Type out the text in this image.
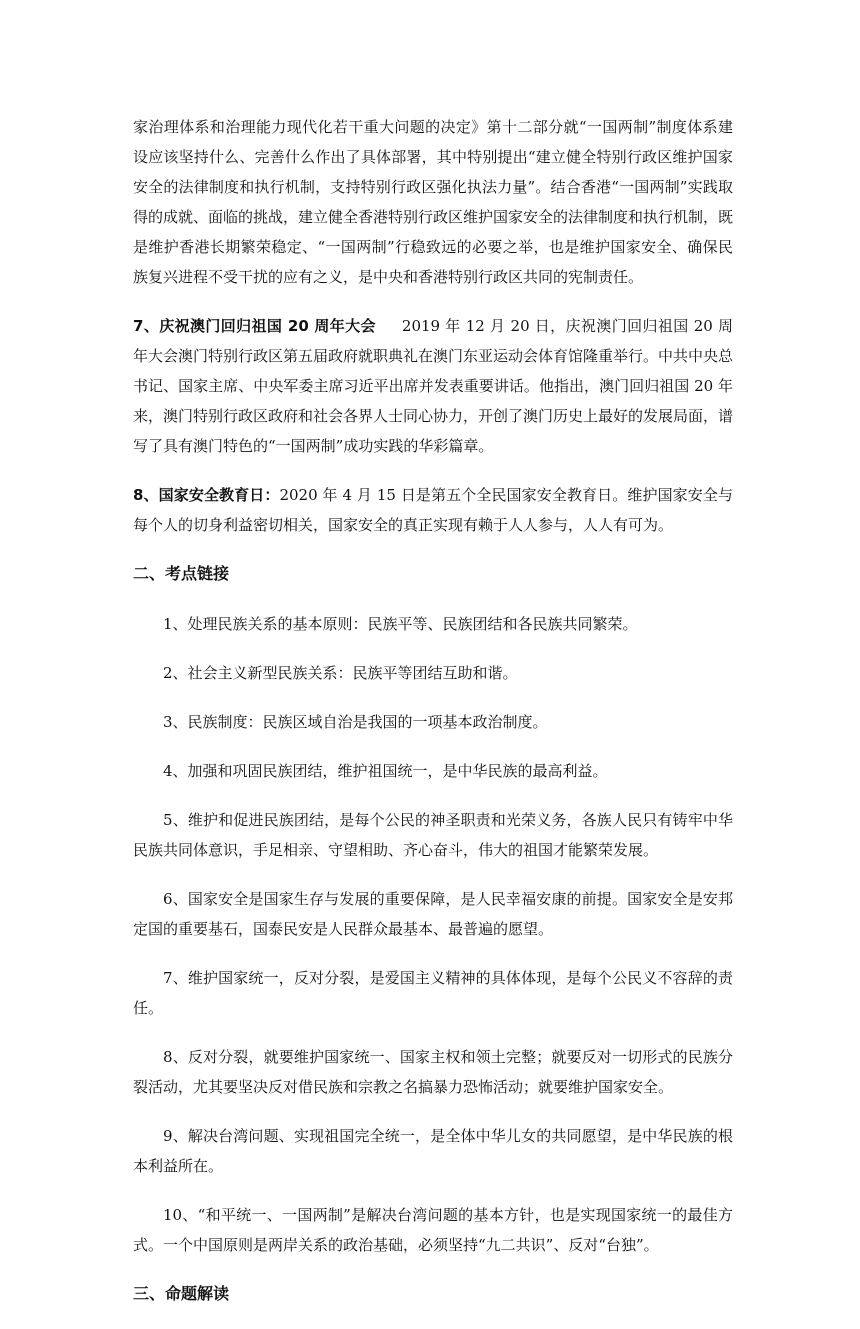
家治理体系和治理能力现代化若干重大问题的决定》第十二部分就“一国两制”制度体系建设应该坚持什么、完善什么作出了具体部署，其中特别提出“建立健全特别行政区维护国家安全的法律制度和执行机制，支持特别行政区强化执法力量”。结合香港“一国两制”实践取得的成就、面临的挑战，建立健全香港特别行政区维护国家安全的法律制度和执行机制，既是维护香港长期繁荣稳定、“一国两制”行稳致远的必要之举，也是维护国家安全、确保民族复兴进程不受干扰的应有之义，是中央和香港特别行政区共同的宪制责任。

7、庆祝澳门回归祖国 20 周年大会 2019 年 12 月 20 日，庆祝澳门回归祖国 20 周年大会澳门特别行政区第五届政府就职典礼在澳门东亚运动会体育馆隆重举行。中共中央总书记、国家主席、中央军委主席习近平出席并发表重要讲话。他指出，澳门回归祖国 20 年来，澳门特别行政区政府和社会各界人士同心协力，开创了澳门历史上最好的发展局面，谱写了具有澳门特色的“一国两制”成功实践的华彩篇章。

8、国家安全教育日：2020 年 4 月 15 日是第五个全民国家安全教育日。维护国家安全与每个人的切身利益密切相关，国家安全的真正实现有赖于人人参与，人人有可为。

二、考点链接

1、处理民族关系的基本原则：民族平等、民族团结和各民族共同繁荣。

2、社会主义新型民族关系：民族平等团结互助和谐。

3、民族制度：民族区域自治是我国的一项基本政治制度。

4、加强和巩固民族团结，维护祖国统一，是中华民族的最高利益。

5、维护和促进民族团结，是每个公民的神圣职责和光荣义务，各族人民只有铸牢中华民族共同体意识，手足相亲、守望相助、齐心奋斗，伟大的祖国才能繁荣发展。

6、国家安全是国家生存与发展的重要保障，是人民幸福安康的前提。国家安全是安邦定国的重要基石，国泰民安是人民群众最基本、最普遍的愿望。

7、维护国家统一，反对分裂，是爱国主义精神的具体体现，是每个公民义不容辞的责任。

8、反对分裂，就要维护国家统一、国家主权和领土完整；就要反对一切形式的民族分裂活动，尤其要坚决反对借民族和宗教之名搞暴力恐怖活动；就要维护国家安全。

9、解决台湾问题、实现祖国完全统一，是全体中华儿女的共同愿望，是中华民族的根本利益所在。

10、“和平统一、一国两制”是解决台湾问题的基本方针，也是实现国家统一的最佳方式。一个中国原则是两岸关系的政治基础，必须坚持“九二共识”、反对“台独”。

三、命题解读
